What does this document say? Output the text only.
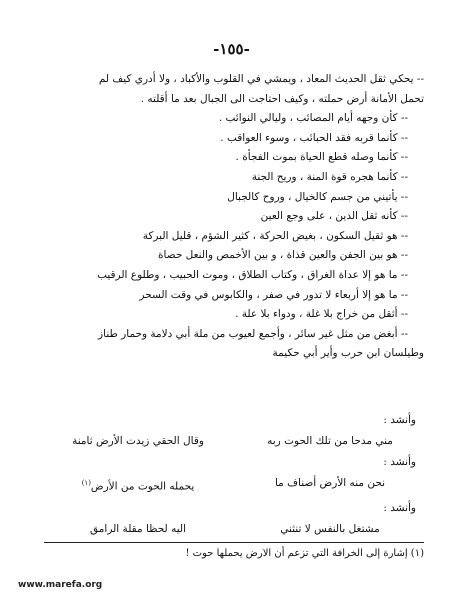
-١٥٥-
-- يحكي ثقل الحديث المعاد ، ويمشي في القلوب والأكباد ، ولا أدري كيف لم
تحمل الأمانة أرض حملته ، وكيف احتاجت الى الجبال بعد ما أقلته .
-- كأن وجهه أيام المصائب ، وليالي النوائب .
-- كأنما قربه فقد الحبائب ، وسوء العواقب .
-- كأنما وصله قطع الحياة بموت الفجأة .
-- كأنما هجره قوة المنة ، وريح الجنة
-- يأتيني من جسم كالخيال ، وروح كالجبال
-- كأنه ثقل الدين ، على وجع العين
-- هو ثقيل السكون ، بغيض الحركة ، كثير الشؤم ، قليل البركة
-- هو بين الجفن والعين قذاة ، و بين الأخمص والنعل حصاة
-- ما هو إلا عداة الغراق ، وكتاب الطلاق ، وموت الحبيب ، وطلوع الرقيب
-- ما هو إلا أربعاء لا تدور في صفر ، والكابوس في وقت السحر
-- أثقل من خراج بلا غلة ، ودواء بلا علة .
-- أبغض من مثل غير سائر ، وأجمع لعيوب من ملة أبي دلامة وحمار طناز
وطيلسان ابن حرب وأير أبي حكيمة
وأنشد :
مني مدحا من تلك الحوت ربه
وقال الحقي زيدت الأرض ثامنة
وأنشد :
نحن منه الأرض أصناف ما
يحمله الحوت من الأرض$^{(١)}$
وأنشد :
مشتغل بالنفس لا تنثني
اليه لحظا مقلة الرامق
(١) إشارة إلى الخرافة التي تزعم أن الارض يحملها حوت !
www.marefa.org
